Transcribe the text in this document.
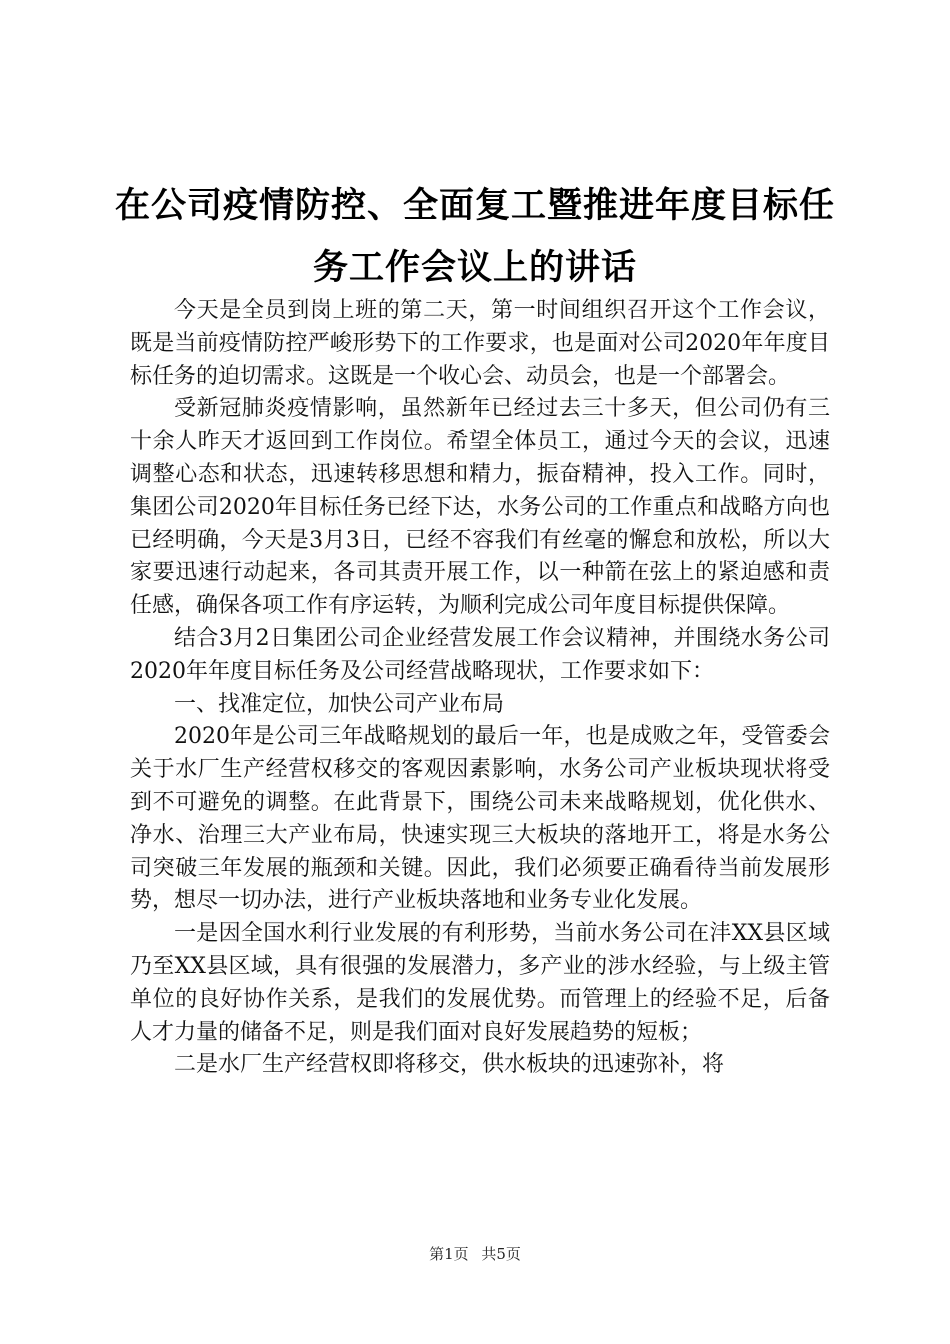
在公司疫情防控、全面复工暨推进年度目标任
务工作会议上的讲话

今天是全员到岗上班的第二天，第一时间组织召开这个工作会议，既是当前疫情防控严峻形势下的工作要求，也是面对公司2020年年度目标任务的迫切需求。这既是一个收心会、动员会，也是一个部署会。

受新冠肺炎疫情影响，虽然新年已经过去三十多天，但公司仍有三十余人昨天才返回到工作岗位。希望全体员工，通过今天的会议，迅速调整心态和状态，迅速转移思想和精力，振奋精神，投入工作。同时，集团公司2020年目标任务已经下达，水务公司的工作重点和战略方向也已经明确，今天是3月3日，已经不容我们有丝毫的懈怠和放松，所以大家要迅速行动起来，各司其责开展工作，以一种箭在弦上的紧迫感和责任感，确保各项工作有序运转，为顺利完成公司年度目标提供保障。

结合3月2日集团公司企业经营发展工作会议精神，并围绕水务公司2020年年度目标任务及公司经营战略现状，工作要求如下：

一、找准定位，加快公司产业布局

2020年是公司三年战略规划的最后一年，也是成败之年，受管委会关于水厂生产经营权移交的客观因素影响，水务公司产业板块现状将受到不可避免的调整。在此背景下，围绕公司未来战略规划，优化供水、净水、治理三大产业布局，快速实现三大板块的落地开工，将是水务公司突破三年发展的瓶颈和关键。因此，我们必须要正确看待当前发展形势，想尽一切办法，进行产业板块落地和业务专业化发展。

一是因全国水利行业发展的有利形势，当前水务公司在沣XX县区域乃至XX县区域，具有很强的发展潜力，多产业的涉水经验，与上级主管单位的良好协作关系，是我们的发展优势。而管理上的经验不足，后备人才力量的储备不足，则是我们面对良好发展趋势的短板；

二是水厂生产经营权即将移交，供水板块的迅速弥补，将

第1页 共5页
